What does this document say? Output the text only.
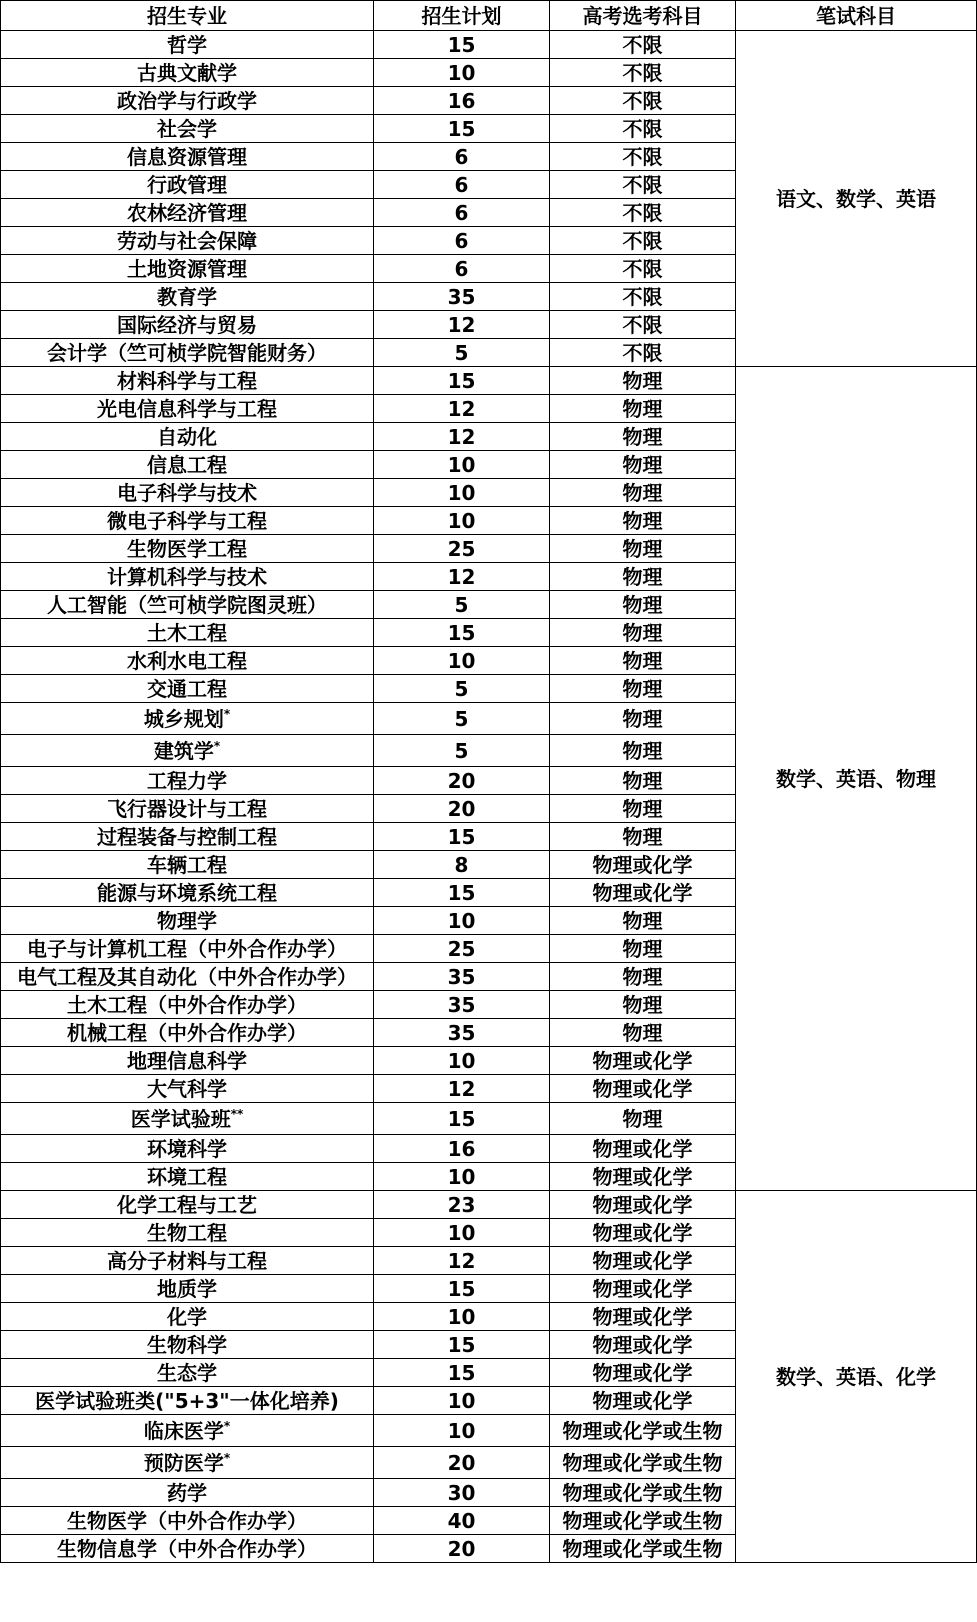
招生专业	招生计划	高考选考科目	笔试科目
哲学	15	不限	语文、数学、英语
古典文献学	10	不限	
政治学与行政学	16	不限	
社会学	15	不限	
信息资源管理	6	不限	
行政管理	6	不限	
农林经济管理	6	不限	
劳动与社会保障	6	不限	
土地资源管理	6	不限	
教育学	35	不限	
国际经济与贸易	12	不限	
会计学（竺可桢学院智能财务）	5	不限	
材料科学与工程	15	物理	数学、英语、物理
光电信息科学与工程	12	物理	
自动化	12	物理	
信息工程	10	物理	
电子科学与技术	10	物理	
微电子科学与工程	10	物理	
生物医学工程	25	物理	
计算机科学与技术	12	物理	
人工智能（竺可桢学院图灵班）	5	物理	
土木工程	15	物理	
水利水电工程	10	物理	
交通工程	5	物理	
城乡规划*	5	物理	
建筑学*	5	物理	
工程力学	20	物理	
飞行器设计与工程	20	物理	
过程装备与控制工程	15	物理	
车辆工程	8	物理或化学	
能源与环境系统工程	15	物理或化学	
物理学	10	物理	
电子与计算机工程（中外合作办学）	25	物理	
电气工程及其自动化（中外合作办学）	35	物理	
土木工程（中外合作办学）	35	物理	
机械工程（中外合作办学）	35	物理	
地理信息科学	10	物理或化学	
大气科学	12	物理或化学	
医学试验班**	15	物理	
环境科学	16	物理或化学	
环境工程	10	物理或化学	
化学工程与工艺	23	物理或化学	数学、英语、化学
生物工程	10	物理或化学	
高分子材料与工程	12	物理或化学	
地质学	15	物理或化学	
化学	10	物理或化学	
生物科学	15	物理或化学	
生态学	15	物理或化学	
医学试验班类("5+3"一体化培养)	10	物理或化学	
临床医学*	10	物理或化学或生物	
预防医学*	20	物理或化学或生物	
药学	30	物理或化学或生物	
生物医学（中外合作办学）	40	物理或化学或生物	
生物信息学（中外合作办学）	20	物理或化学或生物	
